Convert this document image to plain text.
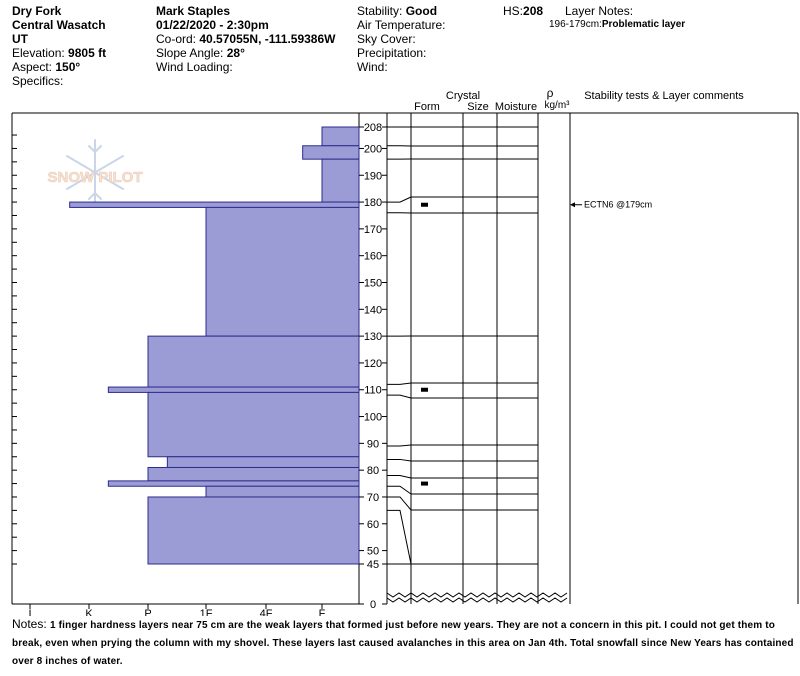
Dry Fork
Central Wasatch
UT
Elevation: 9805 ft
Aspect: 150°
Specifics:
Mark Staples
01/22/2020 - 2:30pm
Co-ord: 40.57055N, -111.59386W
Slope Angle: 28°
Wind Loading:
Stability: Good
Air Temperature:
Sky Cover:
Precipitation:
Wind:
HS:208 Layer Notes:
196-179cm:Problematic layer
Crystal
Form Size Moisture
ρ
kg/m³
Stability tests & Layer comments
SNOW PILOT
208
200
190
180
170
160
150
140
130
120
110
100
90
80
70
60
50
45
0
I	K	P	1F	4F	F
ECTN6 @179cm
Notes: 1 finger hardness layers near 75 cm are the weak layers that formed just before new years. They are not a concern in this pit. I could not get them to break, even when prying the column with my shovel. These layers last caused avalanches in this area on Jan 4th. Total snowfall since New Years has contained over 8 inches of water.
